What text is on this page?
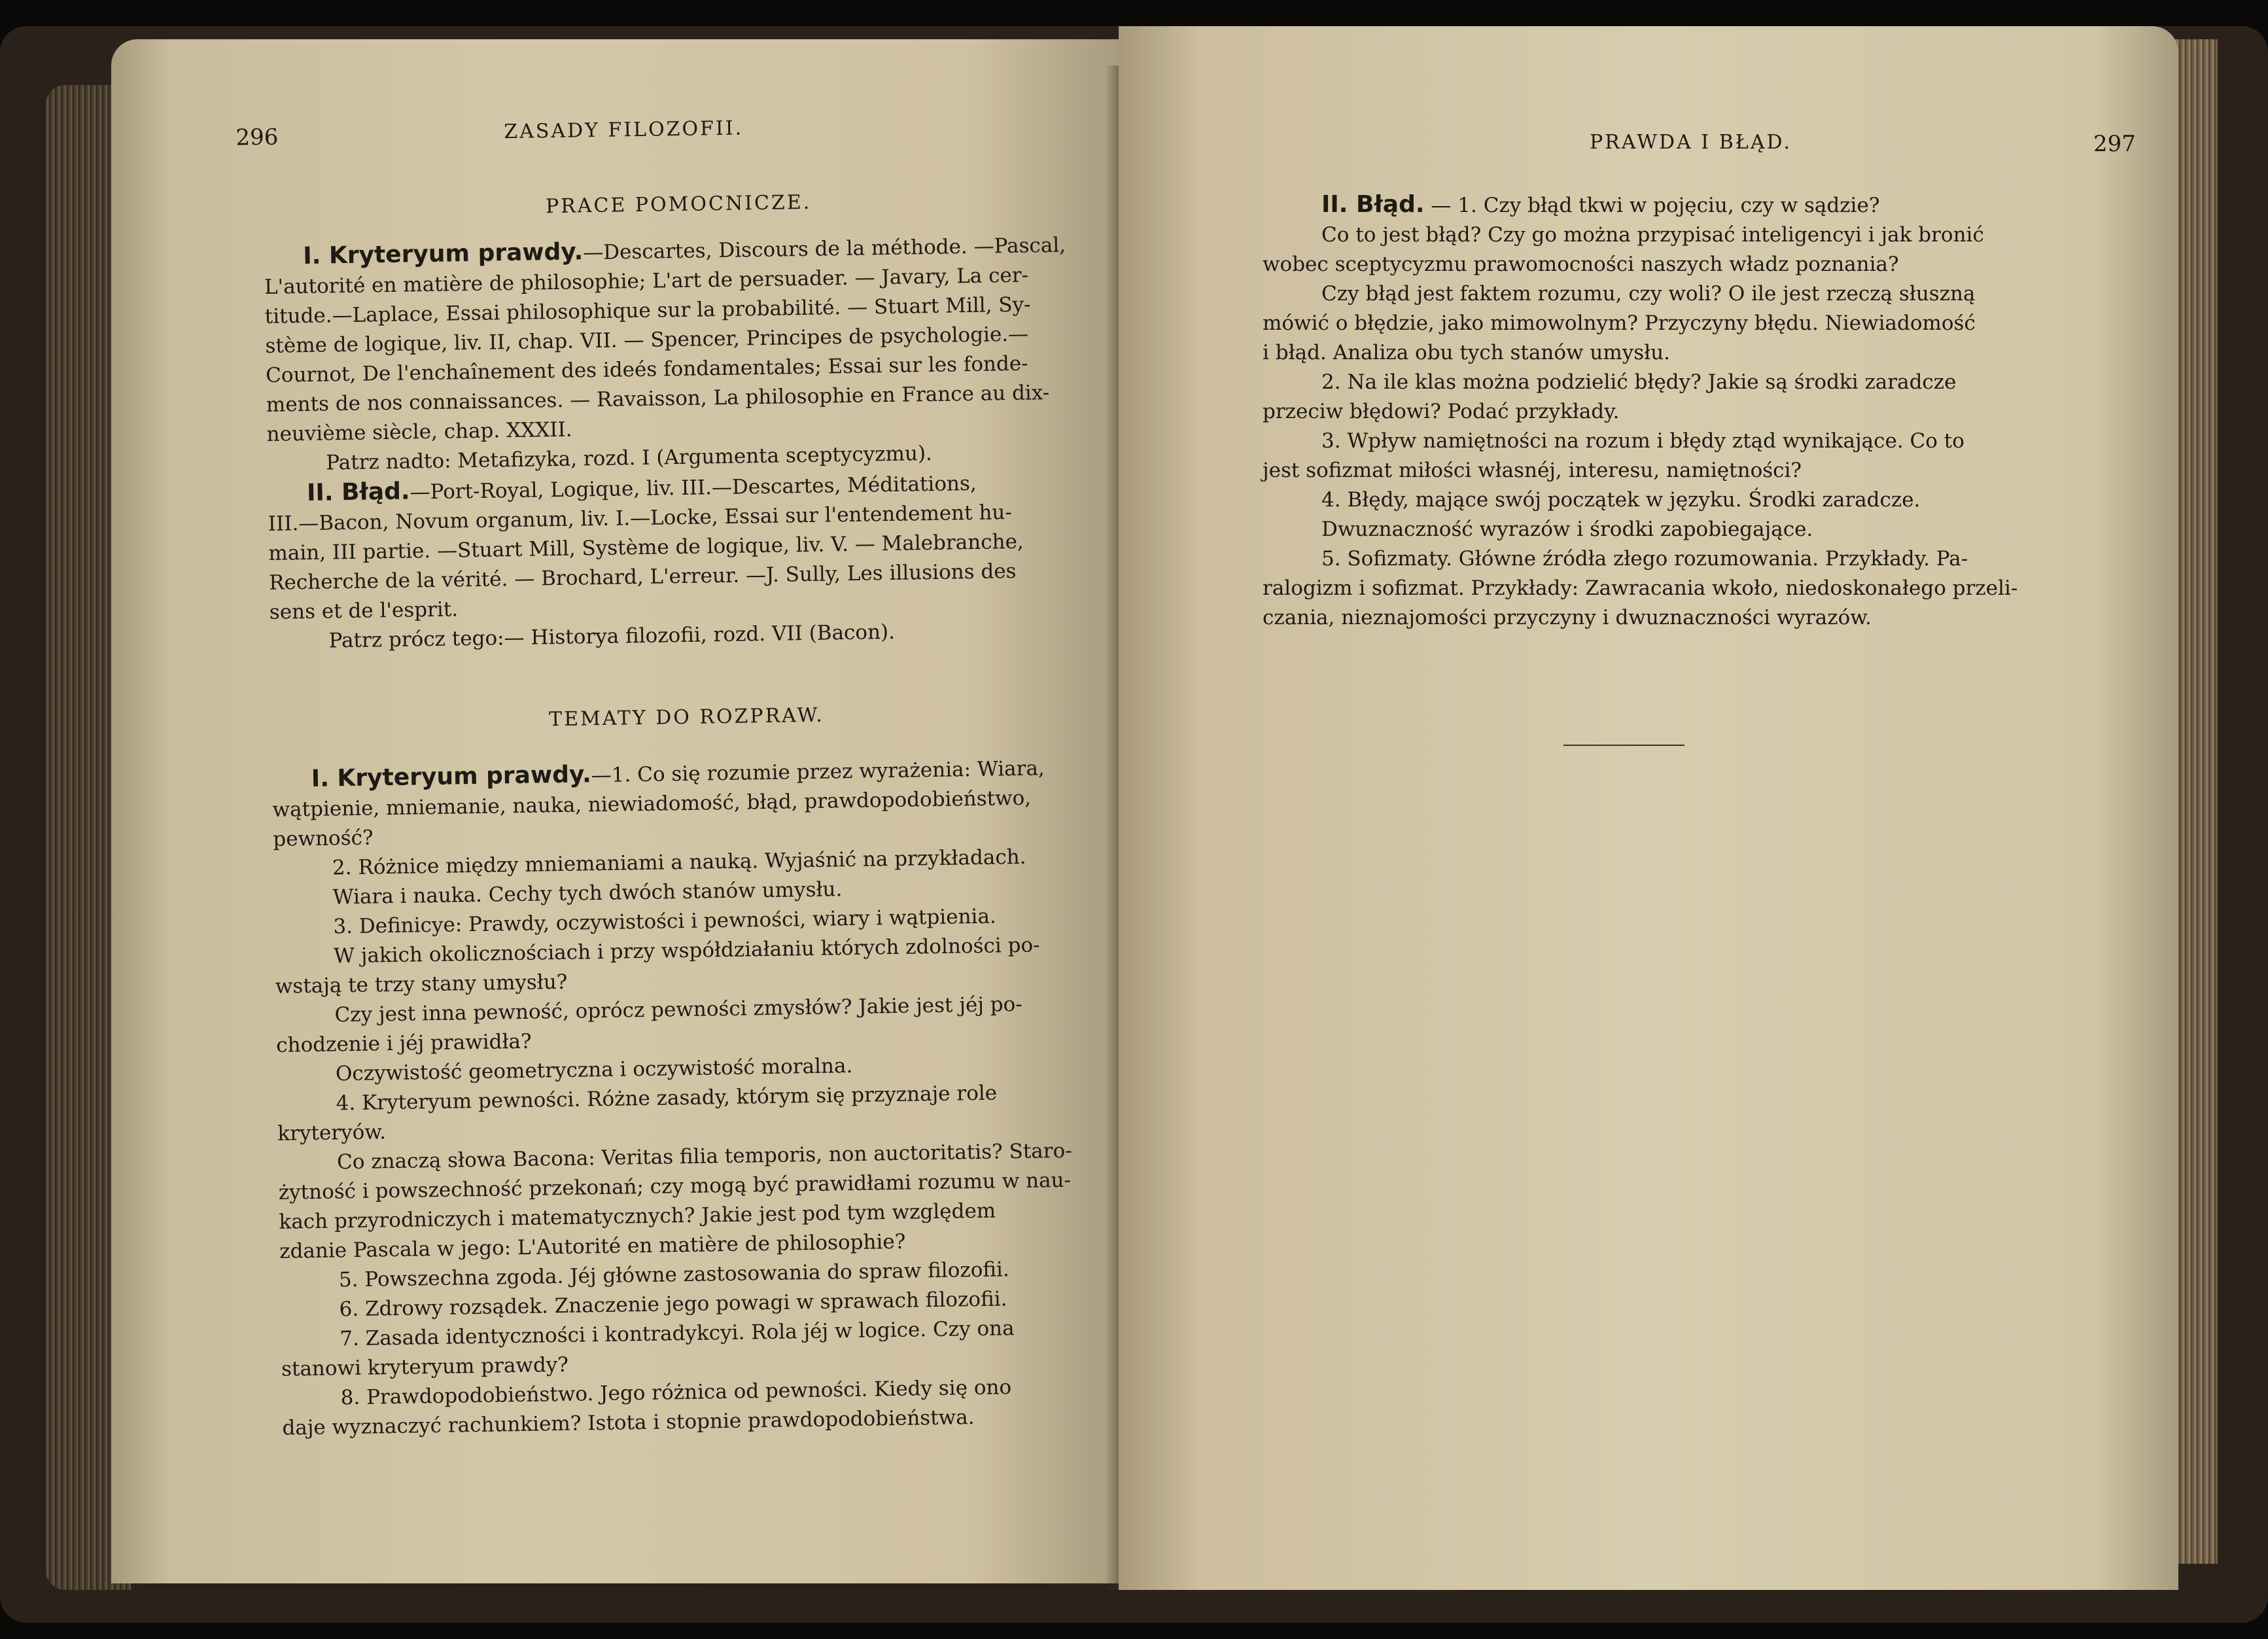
296	ZASADY FILOZOFII.
PRACE POMOCNICZE.
I. Kryteryum prawdy.—Descartes, Discours de la méthode. —Pascal,
L'autorité en matière de philosophie; L'art de persuader. — Javary, La cer-
titude.—Laplace, Essai philosophique sur la probabilité. — Stuart Mill, Sy-
stème de logique, liv. II, chap. VII. — Spencer, Principes de psychologie.—
Cournot, De l'enchaînement des ideés fondamentales; Essai sur les fonde-
ments de nos connaissances. — Ravaisson, La philosophie en France au dix-
neuvième siècle, chap. XXXII.
Patrz nadto: Metafizyka, rozd. I (Argumenta sceptycyzmu).
II. Błąd.—Port-Royal, Logique, liv. III.—Descartes, Méditations,
III.—Bacon, Novum organum, liv. I.—Locke, Essai sur l'entendement hu-
main, III partie. —Stuart Mill, Système de logique, liv. V. — Malebranche,
Recherche de la vérité. — Brochard, L'erreur. —J. Sully, Les illusions des
sens et de l'esprit.
Patrz prócz tego:— Historya filozofii, rozd. VII (Bacon).
TEMATY DO ROZPRAW.
I. Kryteryum prawdy.—1. Co się rozumie przez wyrażenia: Wiara,
wątpienie, mniemanie, nauka, niewiadomość, błąd, prawdopodobieństwo,
pewność?
2. Różnice między mniemaniami a nauką. Wyjaśnić na przykładach.
Wiara i nauka. Cechy tych dwóch stanów umysłu.
3. Definicye: Prawdy, oczywistości i pewności, wiary i wątpienia.
W jakich okolicznościach i przy współdziałaniu których zdolności po-
wstają te trzy stany umysłu?
Czy jest inna pewność, oprócz pewności zmysłów? Jakie jest jéj po-
chodzenie i jéj prawidła?
Oczywistość geometryczna i oczywistość moralna.
4. Kryteryum pewności. Różne zasady, którym się przyznaje role
kryteryów.
Co znaczą słowa Bacona: Veritas filia temporis, non auctoritatis? Staro-
żytność i powszechność przekonań; czy mogą być prawidłami rozumu w nau-
kach przyrodniczych i matematycznych? Jakie jest pod tym względem
zdanie Pascala w jego: L'Autorité en matière de philosophie?
5. Powszechna zgoda. Jéj główne zastosowania do spraw filozofii.
6. Zdrowy rozsądek. Znaczenie jego powagi w sprawach filozofii.
7. Zasada identyczności i kontradykcyi. Rola jéj w logice. Czy ona
stanowi kryteryum prawdy?
8. Prawdopodobieństwo. Jego różnica od pewności. Kiedy się ono
daje wyznaczyć rachunkiem? Istota i stopnie prawdopodobieństwa.
PRAWDA I BŁĄD.	297
II. Błąd. — 1. Czy błąd tkwi w pojęciu, czy w sądzie?
Co to jest błąd? Czy go można przypisać inteligencyi i jak bronić
wobec sceptycyzmu prawomocności naszych władz poznania?
Czy błąd jest faktem rozumu, czy woli? O ile jest rzeczą słuszną
mówić o błędzie, jako mimowolnym? Przyczyny błędu. Niewiadomość
i błąd. Analiza obu tych stanów umysłu.
2. Na ile klas można podzielić błędy? Jakie są środki zaradcze
przeciw błędowi? Podać przykłady.
3. Wpływ namiętności na rozum i błędy ztąd wynikające. Co to
jest sofizmat miłości własnéj, interesu, namiętności?
4. Błędy, mające swój początek w języku. Środki zaradcze.
Dwuznaczność wyrazów i środki zapobiegające.
5. Sofizmaty. Główne źródła złego rozumowania. Przykłady. Pa-
ralogizm i sofizmat. Przykłady: Zawracania wkoło, niedoskonałego przeli-
czania, nieznajomości przyczyny i dwuznaczności wyrazów.
